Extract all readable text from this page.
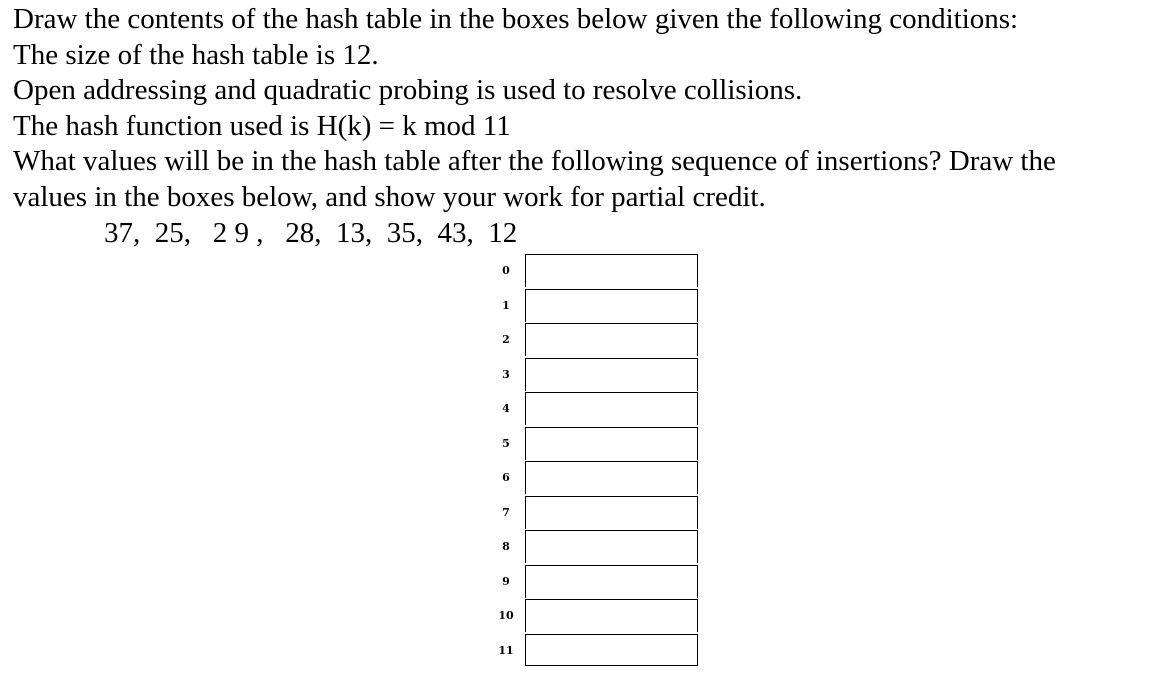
Draw the contents of the hash table in the boxes below given the following conditions:
The size of the hash table is 12.
Open addressing and quadratic probing is used to resolve collisions.
The hash function used is H(k) = k mod 11
What values will be in the hash table after the following sequence of insertions? Draw the
values in the boxes below, and show your work for partial credit.
37,  25,   2 9 ,   28,  13,  35,  43,  12
0
1
2
3
4
5
6
7
8
9
10
11
